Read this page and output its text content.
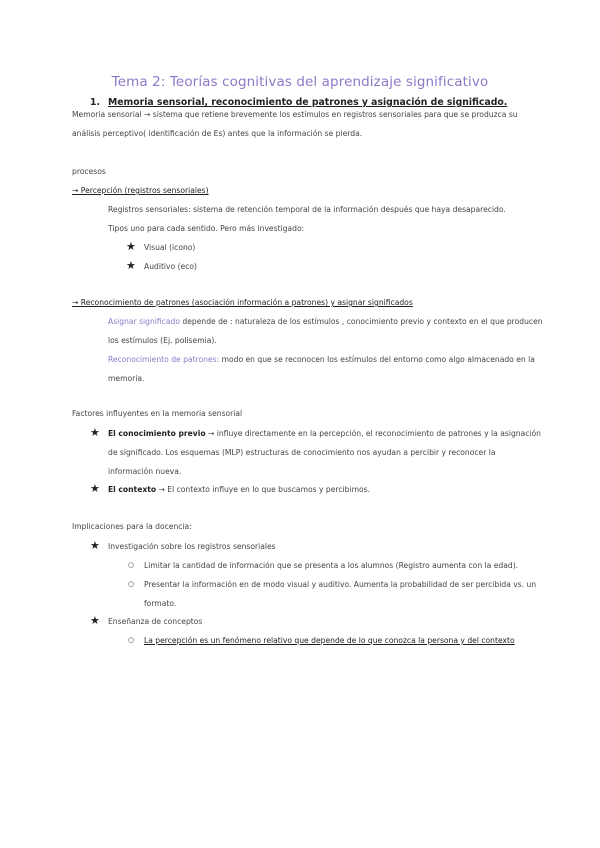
Tema 2: Teorías cognitivas del aprendizaje significativo
1. Memoria sensorial, reconocimiento de patrones y asignación de significado.
Memoria sensorial → sistema que retiene brevemente los estímulos en registros sensoriales para que se produzca su
análisis perceptivo( identificación de Es) antes que la información se pierda.
procesos
→ Percepción (registros sensoriales)
Registros sensoriales: sistema de retención temporal de la información después que haya desaparecido.
Tipos uno para cada sentido. Pero más investigado:
★ Visual (icono)
★ Auditivo (eco)
→ Reconocimiento de patrones (asociación información a patrones) y asignar significados
Asignar significado depende de : naturaleza de los estímulos , conocimiento previo y contexto en el que producen
los estímulos (Ej. polisemia).
Reconocimiento de patrones: modo en que se reconocen los estímulos del entorno como algo almacenado en la
memoria.
Factores influyentes en la memoria sensorial
★ El conocimiento previo → influye directamente en la percepción, el reconocimiento de patrones y la asignación
de significado. Los esquemas (MLP) estructuras de conocimiento nos ayudan a percibir y reconocer la
información nueva.
★ El contexto → El contexto influye en lo que buscamos y percibimos.
Implicaciones para la docencia:
★ Investigación sobre los registros sensoriales
○ Limitar la cantidad de información que se presenta a los alumnos (Registro aumenta con la edad).
○ Presentar la información en de modo visual y auditivo. Aumenta la probabilidad de ser percibida vs. un
formato.
★ Enseñanza de conceptos
○ La percepción es un fenómeno relativo que depende de lo que conozca la persona y del contexto
